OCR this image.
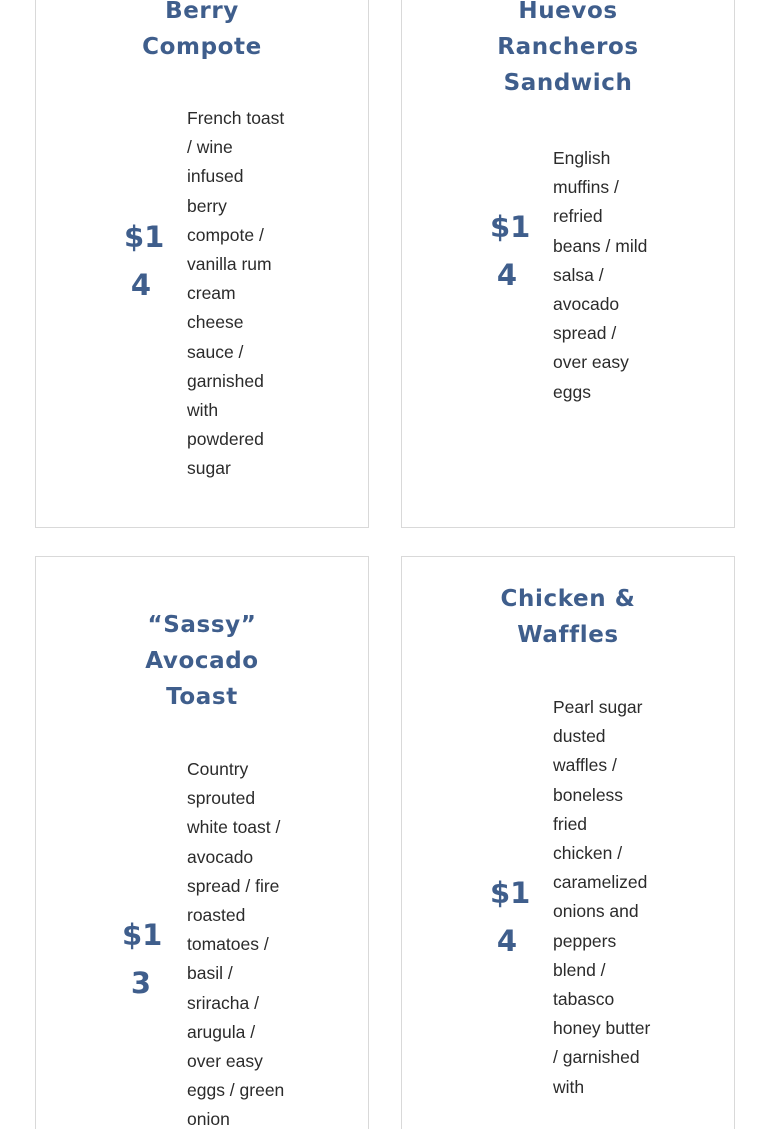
Berry Compote
$14

French toast / wine infused berry compote / vanilla rum cream cheese sauce / garnished with powdered sugar

Huevos Rancheros Sandwich
$14

English muffins / refried beans / mild salsa / avocado spread / over easy eggs

“Sassy” Avocado Toast
$13

Country sprouted white toast / avocado spread / fire roasted tomatoes / basil / sriracha / arugula / over easy eggs / green onion

Chicken & Waffles
$14

Pearl sugar dusted waffles / boneless fried chicken / caramelized onions and peppers blend / tabasco honey butter / garnished with
